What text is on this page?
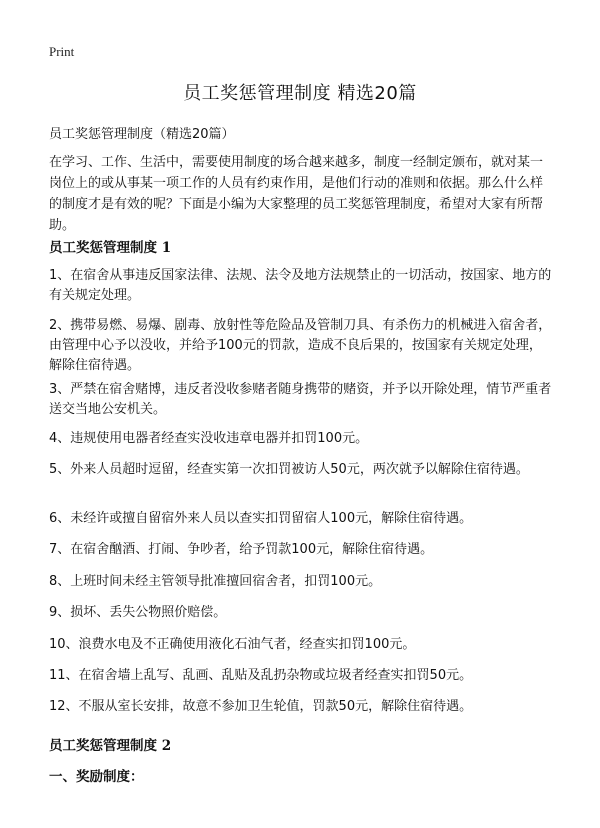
Print
员工奖惩管理制度 精选20篇
员工奖惩管理制度（精选20篇）
在学习、工作、生活中，需要使用制度的场合越来越多，制度一经制定颁布，就对某一岗位上的或从事某一项工作的人员有约束作用，是他们行动的准则和依据。那么什么样的制度才是有效的呢？下面是小编为大家整理的员工奖惩管理制度，希望对大家有所帮助。
员工奖惩管理制度 1
1、在宿舍从事违反国家法律、法规、法令及地方法规禁止的一切活动，按国家、地方的有关规定处理。
2、携带易燃、易爆、剧毒、放射性等危险品及管制刀具、有杀伤力的机械进入宿舍者，由管理中心予以没收，并给予100元的罚款，造成不良后果的，按国家有关规定处理，解除住宿待遇。
3、严禁在宿舍赌博，违反者没收参赌者随身携带的赌资，并予以开除处理，情节严重者送交当地公安机关。
4、违规使用电器者经查实没收违章电器并扣罚100元。
5、外来人员超时逗留，经查实第一次扣罚被访人50元，两次就予以解除住宿待遇。
6、未经许或擅自留宿外来人员以查实扣罚留宿人100元，解除住宿待遇。
7、在宿舍酗酒、打闹、争吵者，给予罚款100元，解除住宿待遇。
8、上班时间未经主管领导批准擅回宿舍者，扣罚100元。
9、损坏、丢失公物照价赔偿。
10、浪费水电及不正确使用液化石油气者，经查实扣罚100元。
11、在宿舍墙上乱写、乱画、乱贴及乱扔杂物或垃圾者经查实扣罚50元。
12、不服从室长安排，故意不参加卫生轮值，罚款50元，解除住宿待遇。
员工奖惩管理制度 2
一、奖励制度：
